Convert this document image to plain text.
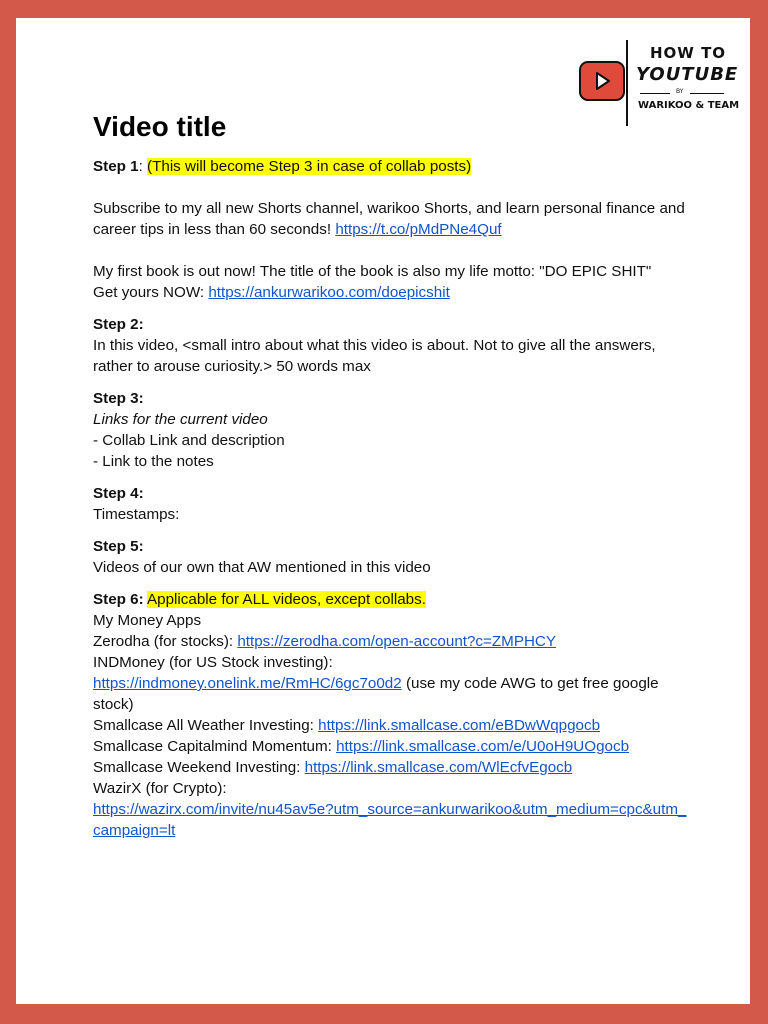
HOW TO
YOUTUBE
BY
WARIKOO & TEAM
Video title

Step 1: (This will become Step 3 in case of collab posts)

Subscribe to my all new Shorts channel, warikoo Shorts, and learn personal finance and career tips in less than 60 seconds! https://t.co/pMdPNe4Quf

My first book is out now! The title of the book is also my life motto: "DO EPIC SHIT"
Get yours NOW: https://ankurwarikoo.com/doepicshit

Step 2:
In this video, <small intro about what this video is about. Not to give all the answers, rather to arouse curiosity.> 50 words max

Step 3:
Links for the current video
- Collab Link and description
- Link to the notes

Step 4:
Timestamps:

Step 5:
Videos of our own that AW mentioned in this video

Step 6: Applicable for ALL videos, except collabs.
My Money Apps
Zerodha (for stocks): https://zerodha.com/open-account?c=ZMPHCY
INDMoney (for US Stock investing):
https://indmoney.onelink.me/RmHC/6gc7o0d2 (use my code AWG to get free google stock)
Smallcase All Weather Investing: https://link.smallcase.com/eBDwWqpgocb
Smallcase Capitalmind Momentum: https://link.smallcase.com/e/U0oH9UOgocb
Smallcase Weekend Investing: https://link.smallcase.com/WlEcfvEgocb
WazirX (for Crypto):
https://wazirx.com/invite/nu45av5e?utm_source=ankurwarikoo&utm_medium=cpc&utm_campaign=lt
